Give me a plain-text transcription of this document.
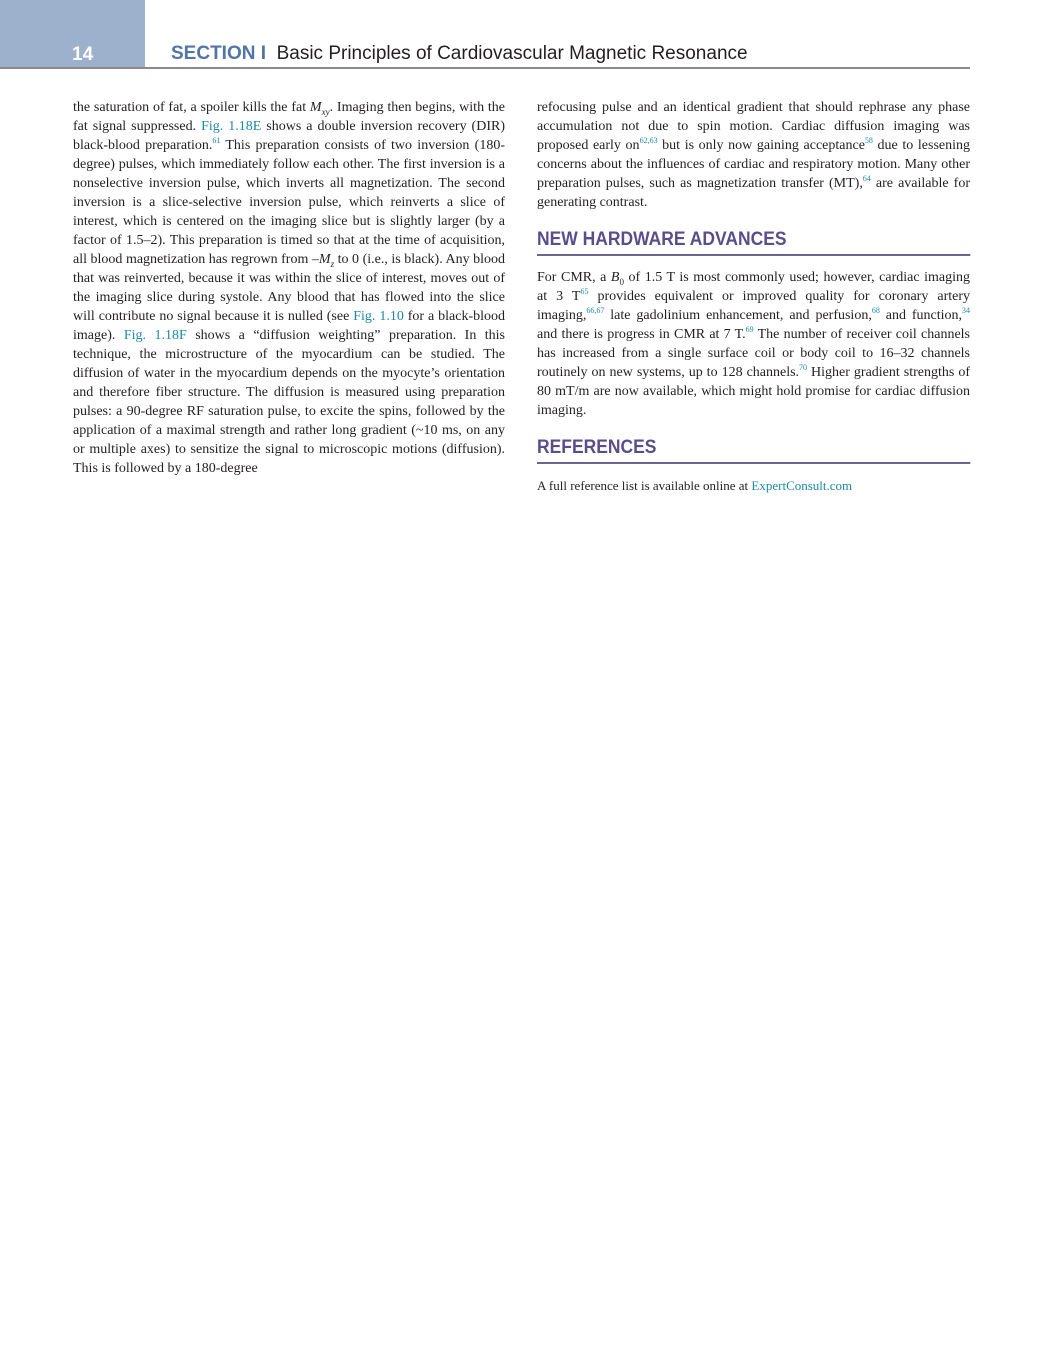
14	SECTION I Basic Principles of Cardiovascular Magnetic Resonance

the saturation of fat, a spoiler kills the fat $M_{xy}$. Imaging then begins, with the fat signal suppressed. Fig. 1.18E shows a double inversion recovery (DIR) black-blood preparation.$^{61}$ This preparation consists of two inversion (180-degree) pulses, which immediately follow each other. The first inversion is a nonselective inversion pulse, which inverts all magnetization. The second inversion is a slice-selective inversion pulse, which reinverts a slice of interest, which is centered on the imaging slice but is slightly larger (by a factor of 1.5–2). This preparation is timed so that at the time of acquisition, all blood magnetization has regrown from $-M_z$ to 0 (i.e., is black). Any blood that was reinverted, because it was within the slice of interest, moves out of the imaging slice during systole. Any blood that has flowed into the slice will contribute no signal because it is nulled (see Fig. 1.10 for a black-blood image). Fig. 1.18F shows a “diffusion weighting” preparation. In this technique, the microstructure of the myocardium can be studied. The diffusion of water in the myocardium depends on the myocyte’s orientation and therefore fiber structure. The diffusion is measured using preparation pulses: a 90-degree RF saturation pulse, to excite the spins, followed by the application of a maximal strength and rather long gradient (~10 ms, on any or multiple axes) to sensitize the signal to microscopic motions (diffusion). This is followed by a 180-degree

refocusing pulse and an identical gradient that should rephrase any phase accumulation not due to spin motion. Cardiac diffusion imaging was proposed early on$^{62,63}$ but is only now gaining acceptance$^{58}$ due to lessening concerns about the influences of cardiac and respiratory motion. Many other preparation pulses, such as magnetization transfer (MT),$^{64}$ are available for generating contrast.

NEW HARDWARE ADVANCES

For CMR, a $B_0$ of 1.5 T is most commonly used; however, cardiac imaging at 3 $T^{65}$ provides equivalent or improved quality for coronary artery imaging,$^{66,67}$ late gadolinium enhancement, and perfusion,$^{68}$ and function,$^{34}$ and there is progress in CMR at 7 T.$^{69}$ The number of receiver coil channels has increased from a single surface coil or body coil to 16–32 channels routinely on new systems, up to 128 channels.$^{70}$ Higher gradient strengths of 80 mT/m are now available, which might hold promise for cardiac diffusion imaging.

REFERENCES

A full reference list is available online at ExpertConsult.com
